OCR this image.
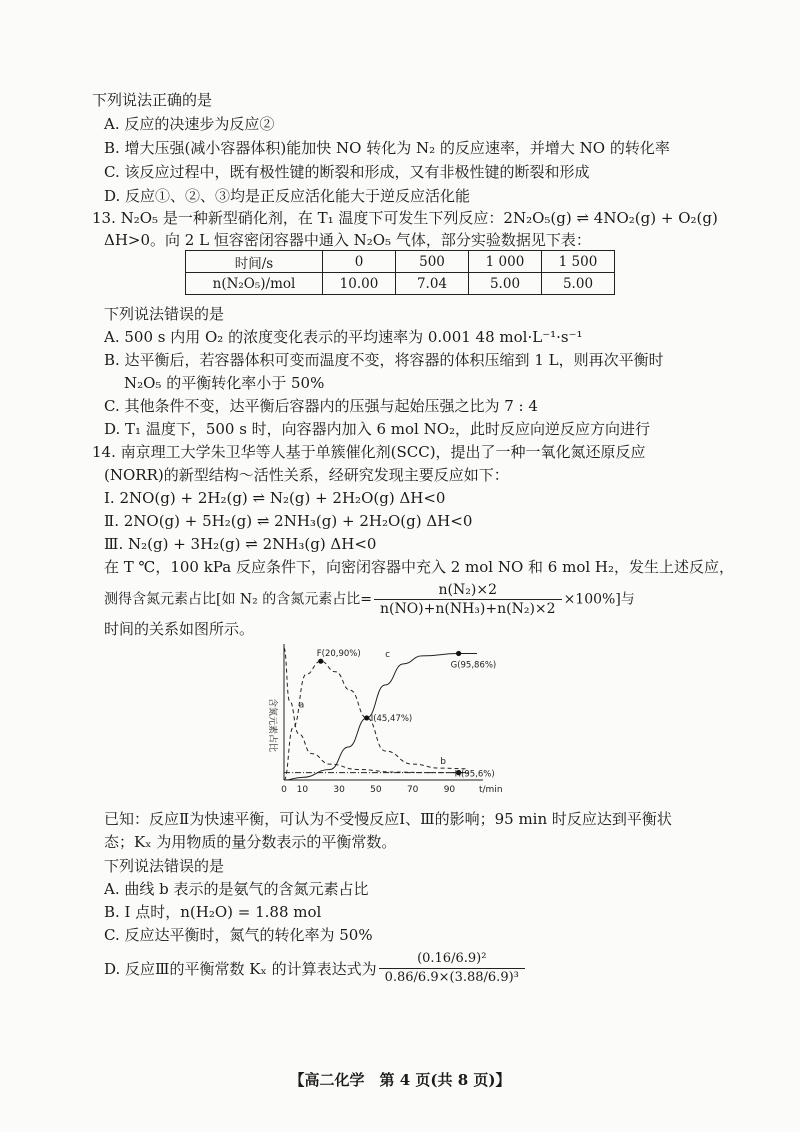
下列说法正确的是
A. 反应的决速步为反应②
B. 增大压强(减小容器体积)能加快 NO 转化为 N₂ 的反应速率，并增大 NO 的转化率
C. 该反应过程中，既有极性键的断裂和形成，又有非极性键的断裂和形成
D. 反应①、②、③均是正反应活化能大于逆反应活化能
13. N₂O₅ 是一种新型硝化剂，在 T₁ 温度下可发生下列反应：2N₂O₅(g) ⇌ 4NO₂(g) + O₂(g)
ΔH>0。向 2 L 恒容密闭容器中通入 N₂O₅ 气体，部分实验数据见下表：
时间/s	0	500	1 000	1 500
n(N₂O₅)/mol	10.00	7.04	5.00	5.00
下列说法错误的是
A. 500 s 内用 O₂ 的浓度变化表示的平均速率为 0.001 48 mol·L⁻¹·s⁻¹
B. 达平衡后，若容器体积可变而温度不变，将容器的体积压缩到 1 L，则再次平衡时
N₂O₅ 的平衡转化率小于 50%
C. 其他条件不变，达平衡后容器内的压强与起始压强之比为 7 : 4
D. T₁ 温度下，500 s 时，向容器内加入 6 mol NO₂，此时反应向逆反应方向进行
14. 南京理工大学朱卫华等人基于单簇催化剂(SCC)，提出了一种一氧化氮还原反应
(NORR)的新型结构～活性关系，经研究发现主要反应如下：
Ⅰ. 2NO(g) + 2H₂(g) ⇌ N₂(g) + 2H₂O(g) ΔH<0
Ⅱ. 2NO(g) + 5H₂(g) ⇌ 2NH₃(g) + 2H₂O(g) ΔH<0
Ⅲ. N₂(g) + 3H₂(g) ⇌ 2NH₃(g) ΔH<0
在 T ℃，100 kPa 反应条件下，向密闭容器中充入 2 mol NO 和 6 mol H₂，发生上述反应，
测得含氮元素占比[如 N₂ 的含氮元素占比= $\frac{\text{n(N₂)×2}}{\text{n(NO)+n(NH₃)+n(N₂)×2}} \times 100\%$]与
时间的关系如图所示。
含氮元素占比
0 10	30	50	70	90	t/min
a
b
c
F(20,90%)
I(45,47%)
G(95,86%)
H(95,6%)
已知：反应Ⅱ为快速平衡，可认为不受慢反应Ⅰ、Ⅲ的影响；95 min 时反应达到平衡状
态；Kₓ 为用物质的量分数表示的平衡常数。
下列说法错误的是
A. 曲线 b 表示的是氨气的含氮元素占比
B. I 点时，n(H₂O) = 1.88 mol
C. 反应达平衡时，氮气的转化率为 50%
D. 反应Ⅲ的平衡常数 Kₓ 的计算表达式为 $\frac{\text{(0.16/6.9)²}}{\text{0.86/6.9×(3.88/6.9)³}}$
【高二化学　第 4 页(共 8 页)】
